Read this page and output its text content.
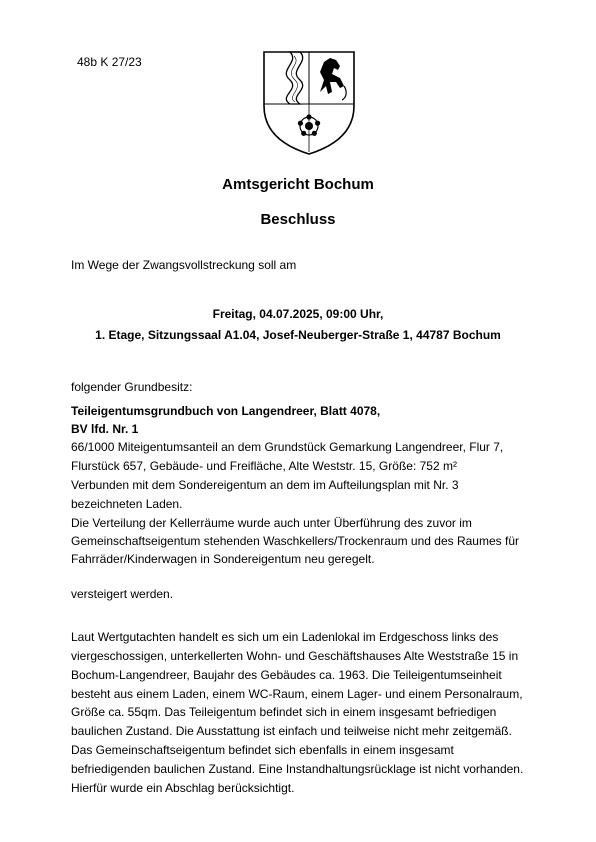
48b K 27/23
Amtsgericht Bochum
Beschluss
Im Wege der Zwangsvollstreckung soll am
Freitag, 04.07.2025, 09:00 Uhr,
1. Etage, Sitzungssaal A1.04, Josef-Neuberger-Straße 1, 44787 Bochum
folgender Grundbesitz:
Teileigentumsgrundbuch von Langendreer, Blatt 4078,
BV lfd. Nr. 1
66/1000 Miteigentumsanteil an dem Grundstück Gemarkung Langendreer, Flur 7,
Flurstück 657, Gebäude- und Freifläche, Alte Weststr. 15, Größe: 752 m²
Verbunden mit dem Sondereigentum an dem im Aufteilungsplan mit Nr. 3
bezeichneten Laden.
Die Verteilung der Kellerräume wurde auch unter Überführung des zuvor im
Gemeinschaftseigentum stehenden Waschkellers/Trockenraum und des Raumes für
Fahrräder/Kinderwagen in Sondereigentum neu geregelt.
versteigert werden.
Laut Wertgutachten handelt es sich um ein Ladenlokal im Erdgeschoss links des
viergeschossigen, unterkellerten Wohn- und Geschäftshauses Alte Weststraße 15 in
Bochum-Langendreer, Baujahr des Gebäudes ca. 1963. Die Teileigentumseinheit
besteht aus einem Laden, einem WC-Raum, einem Lager- und einem Personalraum,
Größe ca. 55qm. Das Teileigentum befindet sich in einem insgesamt befriedigen
baulichen Zustand. Die Ausstattung ist einfach und teilweise nicht mehr zeitgemäß.
Das Gemeinschaftseigentum befindet sich ebenfalls in einem insgesamt
befriedigenden baulichen Zustand. Eine Instandhaltungsrücklage ist nicht vorhanden.
Hierfür wurde ein Abschlag berücksichtigt.
